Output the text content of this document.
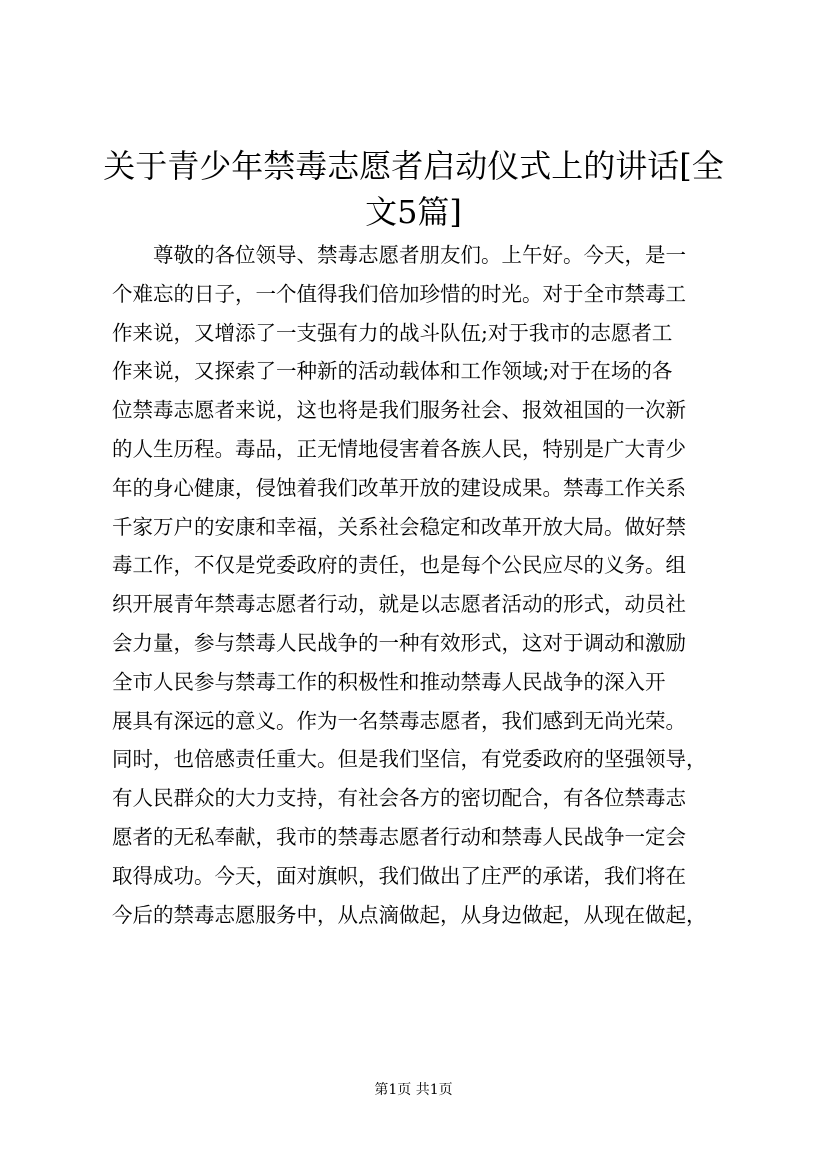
关于青少年禁毒志愿者启动仪式上的讲话[全
文5篇]
　　尊敬的各位领导、禁毒志愿者朋友们。上午好。今天，是一
个难忘的日子，一个值得我们倍加珍惜的时光。对于全市禁毒工
作来说，又增添了一支强有力的战斗队伍;对于我市的志愿者工
作来说，又探索了一种新的活动载体和工作领域;对于在场的各
位禁毒志愿者来说，这也将是我们服务社会、报效祖国的一次新
的人生历程。毒品，正无情地侵害着各族人民，特别是广大青少
年的身心健康，侵蚀着我们改革开放的建设成果。禁毒工作关系
千家万户的安康和幸福，关系社会稳定和改革开放大局。做好禁
毒工作，不仅是党委政府的责任，也是每个公民应尽的义务。组
织开展青年禁毒志愿者行动，就是以志愿者活动的形式，动员社
会力量，参与禁毒人民战争的一种有效形式，这对于调动和激励
全市人民参与禁毒工作的积极性和推动禁毒人民战争的深入开
展具有深远的意义。作为一名禁毒志愿者，我们感到无尚光荣。
同时，也倍感责任重大。但是我们坚信，有党委政府的坚强领导，
有人民群众的大力支持，有社会各方的密切配合，有各位禁毒志
愿者的无私奉献，我市的禁毒志愿者行动和禁毒人民战争一定会
取得成功。今天，面对旗帜，我们做出了庄严的承诺，我们将在
今后的禁毒志愿服务中，从点滴做起，从身边做起，从现在做起，
第1页 共1页
